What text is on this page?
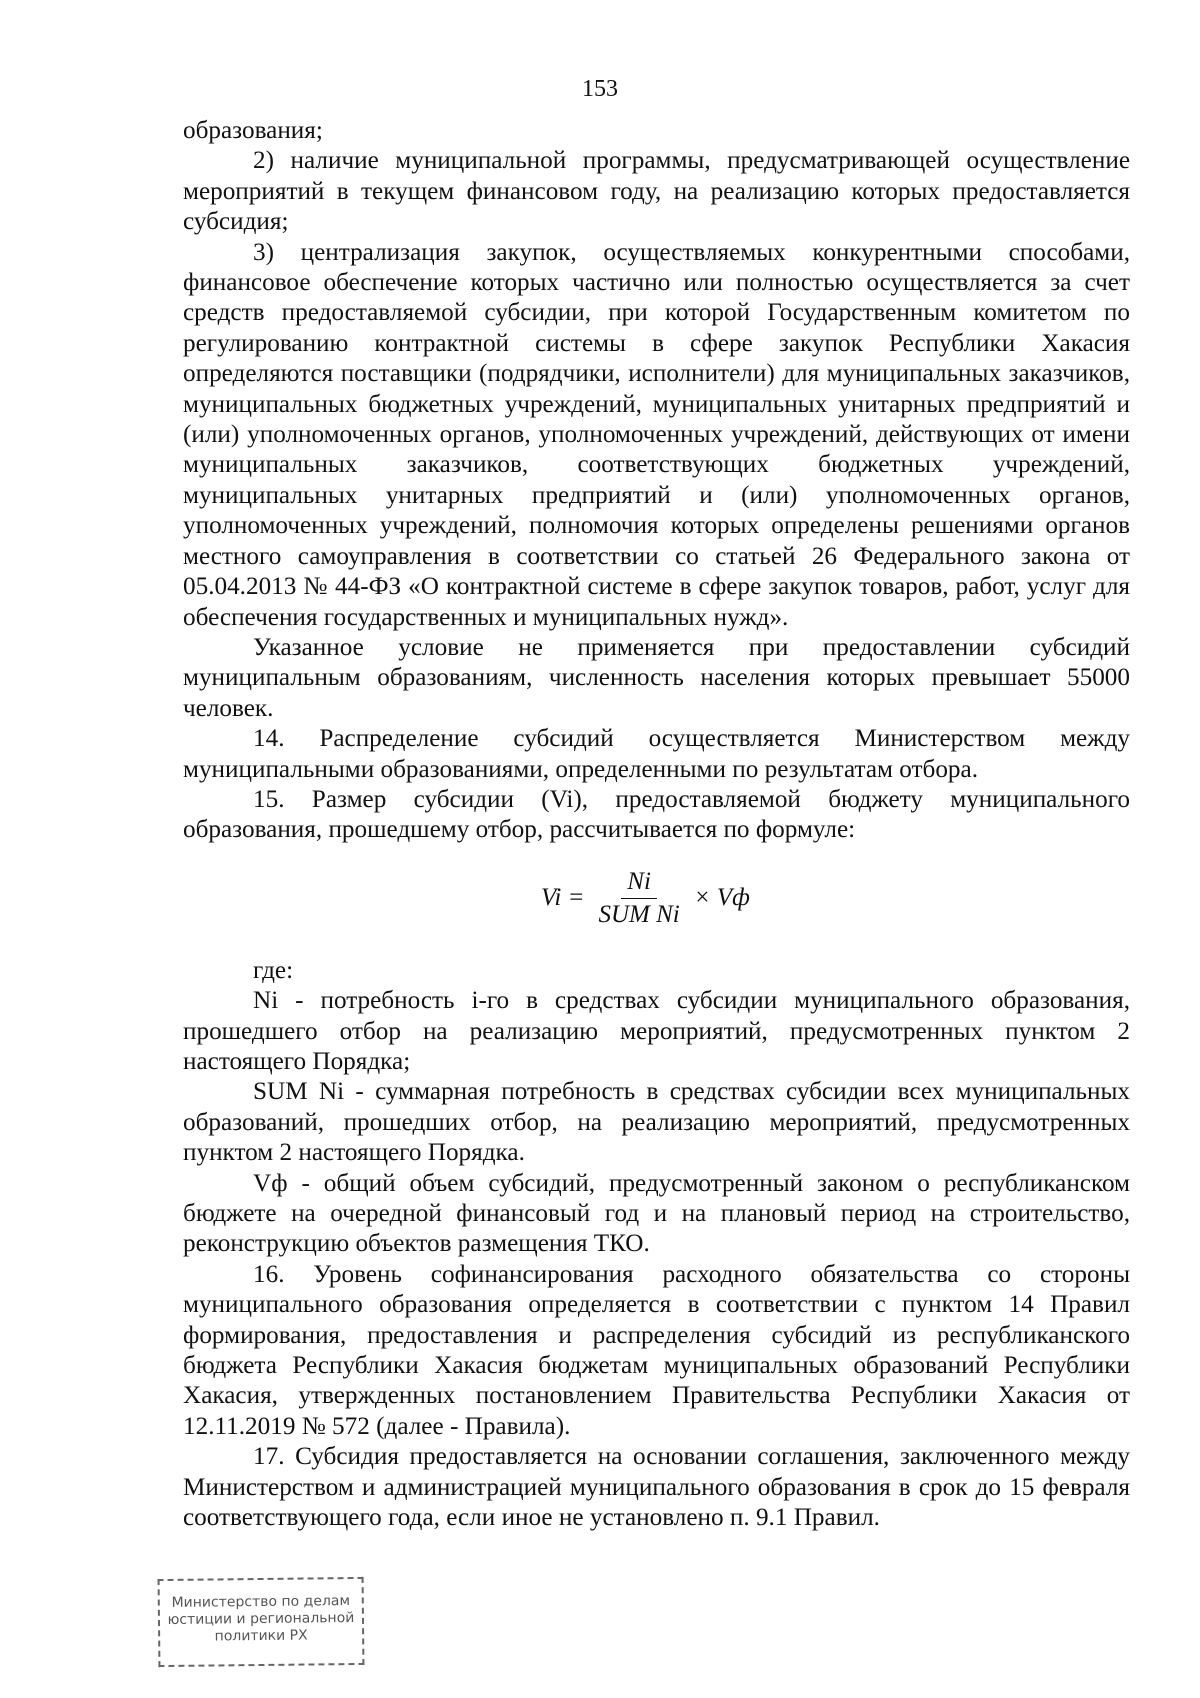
153

образования;

2) наличие муниципальной программы, предусматривающей осуществление мероприятий в текущем финансовом году, на реализацию которых предоставляется субсидия;

3) централизация закупок, осуществляемых конкурентными способами, финансовое обеспечение которых частично или полностью осуществляется за счет средств предоставляемой субсидии, при которой Государственным комитетом по регулированию контрактной системы в сфере закупок Республики Хакасия определяются поставщики (подрядчики, исполнители) для муниципальных заказчиков, муниципальных бюджетных учреждений, муниципальных унитарных предприятий и (или) уполномоченных органов, уполномоченных учреждений, действующих от имени муниципальных заказчиков, соответствующих бюджетных учреждений, муниципальных унитарных предприятий и (или) уполномоченных органов, уполномоченных учреждений, полномочия которых определены решениями органов местного самоуправления в соответствии со статьей 26 Федерального закона от 05.04.2013 № 44-ФЗ «О контрактной системе в сфере закупок товаров, работ, услуг для обеспечения государственных и муниципальных нужд».

Указанное условие не применяется при предоставлении субсидий муниципальным образованиям, численность населения которых превышает 55000 человек.

14. Распределение субсидий осуществляется Министерством между муниципальными образованиями, определенными по результатам отбора.

15. Размер субсидии (Vi), предоставляемой бюджету муниципального образования, прошедшему отбор, рассчитывается по формуле:

$Vi = \frac{Ni}{\text{SUM Ni}}$ × Vф

где:

Ni - потребность i-го в средствах субсидии муниципального образования, прошедшего отбор на реализацию мероприятий, предусмотренных пунктом 2 настоящего Порядка;

SUM Ni - суммарная потребность в средствах субсидии всех муниципальных образований, прошедших отбор, на реализацию мероприятий, предусмотренных пунктом 2 настоящего Порядка.

Vф - общий объем субсидий, предусмотренный законом о республиканском бюджете на очередной финансовый год и на плановый период на строительство, реконструкцию объектов размещения ТКО.

16. Уровень софинансирования расходного обязательства со стороны муниципального образования определяется в соответствии с пунктом 14 Правил формирования, предоставления и распределения субсидий из республиканского бюджета Республики Хакасия бюджетам муниципальных образований Республики Хакасия, утвержденных постановлением Правительства Республики Хакасия от 12.11.2019 № 572 (далее - Правила).

17. Субсидия предоставляется на основании соглашения, заключенного между Министерством и администрацией муниципального образования в срок до 15 февраля соответствующего года, если иное не установлено п. 9.1 Правил.

Министерство по делам
юстиции и региональной
политики РХ
